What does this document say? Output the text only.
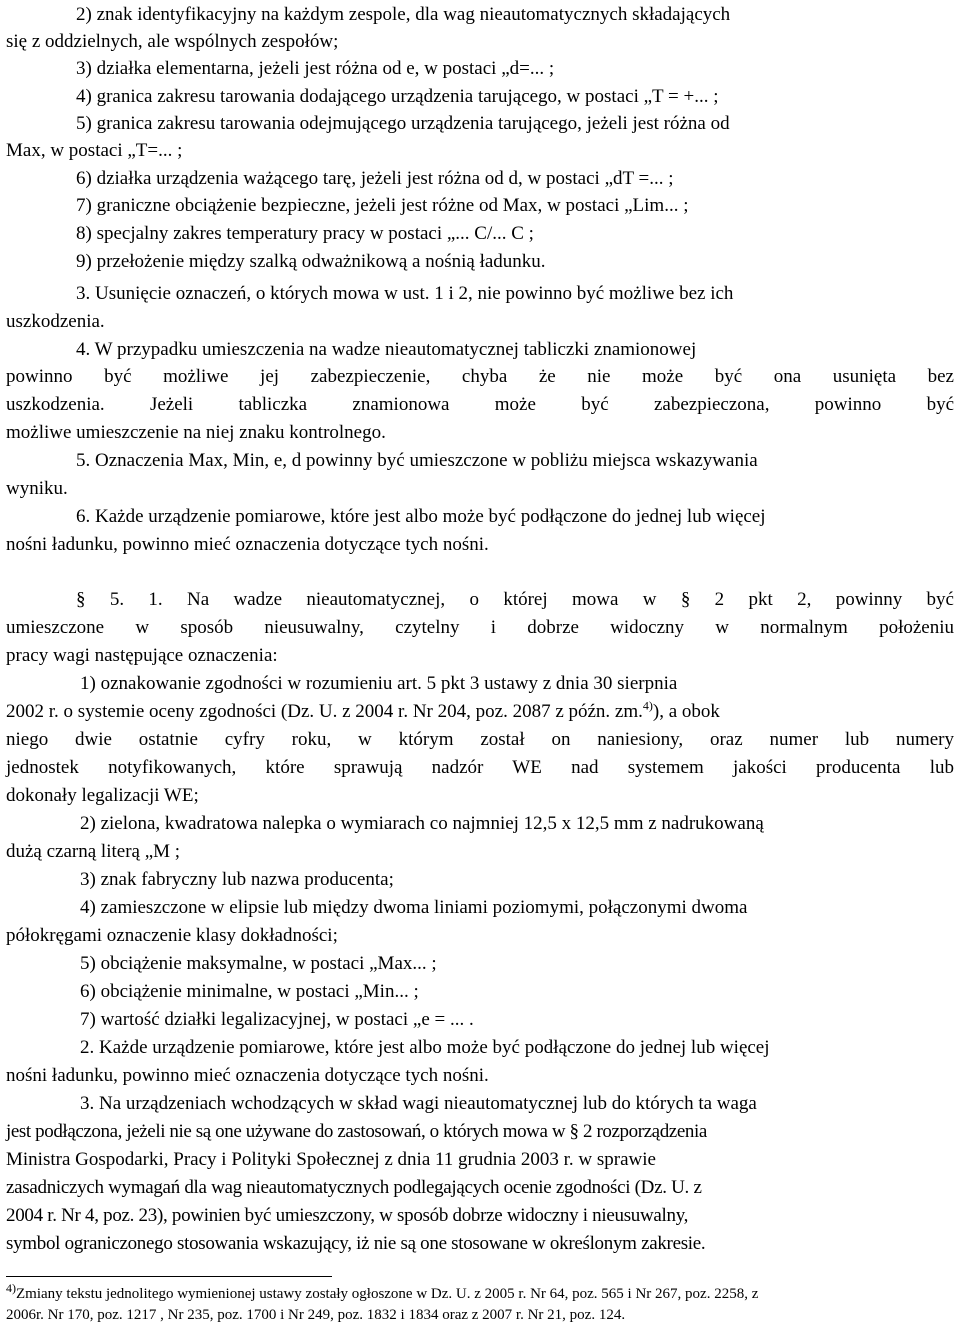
2) znak identyfikacyjny na każdym zespole, dla wag nieautomatycznych składających
się z oddzielnych, ale wspólnych zespołów;
3) działka elementarna, jeżeli jest różna od e, w postaci „d=... ;
4) granica zakresu tarowania dodającego urządzenia tarującego, w postaci „T = +... ;
5) granica zakresu tarowania odejmującego urządzenia tarującego, jeżeli jest różna od
Max, w postaci „T=... ;
6) działka urządzenia ważącego tarę, jeżeli jest różna od d, w postaci „dT =... ;
7) graniczne obciążenie bezpieczne, jeżeli jest różne od Max, w postaci „Lim... ;
8) specjalny zakres temperatury pracy w postaci „... C/... C ;
9) przełożenie między szalką odważnikową a nośnią ładunku.
3. Usunięcie oznaczeń, o których mowa w ust. 1 i 2, nie powinno być możliwe bez ich
uszkodzenia.
4. W przypadku umieszczenia na wadze nieautomatycznej tabliczki znamionowej
powinno być możliwe jej zabezpieczenie, chyba że nie może być ona usunięta bez
uszkodzenia. Jeżeli tabliczka znamionowa może być zabezpieczona, powinno być
możliwe umieszczenie na niej znaku kontrolnego.
5. Oznaczenia Max, Min, e, d powinny być umieszczone w pobliżu miejsca wskazywania
wyniku.
6. Każde urządzenie pomiarowe, które jest albo może być podłączone do jednej lub więcej
nośni ładunku, powinno mieć oznaczenia dotyczące tych nośni.
§ 5. 1. Na wadze nieautomatycznej, o której mowa w § 2 pkt 2, powinny być
umieszczone w sposób nieusuwalny, czytelny i dobrze widoczny w normalnym położeniu
pracy wagi następujące oznaczenia:
1) oznakowanie zgodności w rozumieniu art. 5 pkt 3 ustawy z dnia 30 sierpnia
2002 r. o systemie oceny zgodności (Dz. U. z 2004 r. Nr 204, poz. 2087 z późn. zm.$^{4)}$), a obok
niego dwie ostatnie cyfry roku, w którym został on naniesiony, oraz numer lub numery
jednostek notyfikowanych, które sprawują nadzór WE nad systemem jakości producenta lub
dokonały legalizacji WE;
2) zielona, kwadratowa nalepka o wymiarach co najmniej 12,5 x 12,5 mm z nadrukowaną
dużą czarną literą „M ;
3) znak fabryczny lub nazwa producenta;
4) zamieszczone w elipsie lub między dwoma liniami poziomymi, połączonymi dwoma
półokręgami oznaczenie klasy dokładności;
5) obciążenie maksymalne, w postaci „Max... ;
6) obciążenie minimalne, w postaci „Min... ;
7) wartość działki legalizacyjnej, w postaci „e = ... .
2. Każde urządzenie pomiarowe, które jest albo może być podłączone do jednej lub więcej
nośni ładunku, powinno mieć oznaczenia dotyczące tych nośni.
3. Na urządzeniach wchodzących w skład wagi nieautomatycznej lub do których ta waga
jest podłączona, jeżeli nie są one używane do zastosowań, o których mowa w § 2 rozporządzenia
Ministra Gospodarki, Pracy i Polityki Społecznej z dnia 11 grudnia 2003 r. w sprawie
zasadniczych wymagań dla wag nieautomatycznych podlegających ocenie zgodności (Dz. U. z
2004 r. Nr 4, poz. 23), powinien być umieszczony, w sposób dobrze widoczny i nieusuwalny,
symbol ograniczonego stosowania wskazujący, iż nie są one stosowane w określonym zakresie.
$^{4)}$Zmiany tekstu jednolitego wymienionej ustawy zostały ogłoszone w Dz. U. z 2005 r. Nr 64, poz. 565 i Nr 267, poz. 2258, z
2006r. Nr 170, poz. 1217 , Nr 235, poz. 1700 i Nr 249, poz. 1832 i 1834 oraz z 2007 r. Nr 21, poz. 124.
